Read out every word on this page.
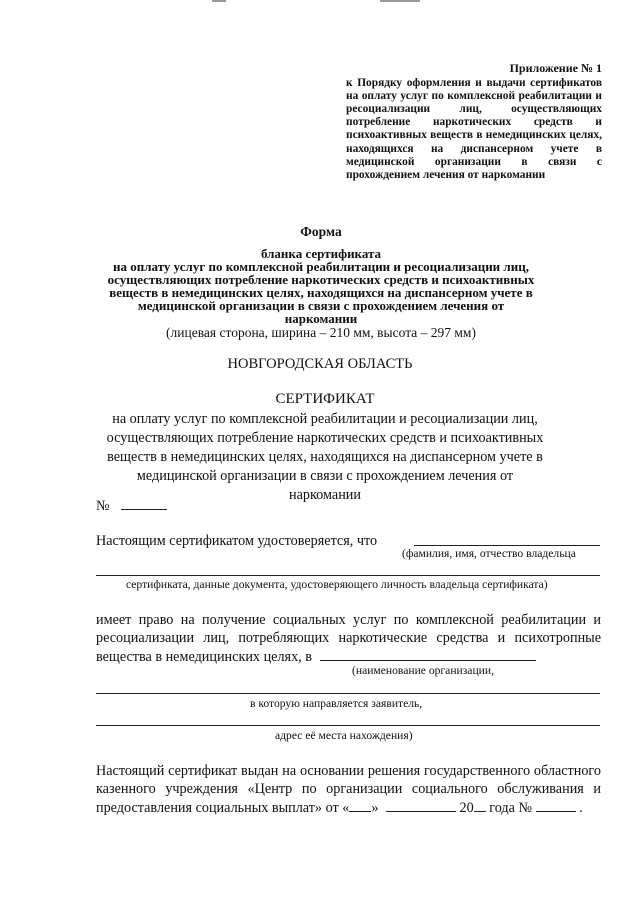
Приложение № 1
к Порядку оформления и выдачи сертификатов на оплату услуг по комплексной реабилитации и ресоциализации лиц, осуществляющих потребление наркотических средств и психоактивных веществ в немедицинских целях, находящихся на диспансерном учете в медицинской организации в связи с прохождением лечения от наркомании
Форма
бланка сертификата
на оплату услуг по комплексной реабилитации и ресоциализации лиц,
осуществляющих потребление наркотических средств и психоактивных
веществ в немедицинских целях, находящихся на диспансерном учете в
медицинской организации в связи с прохождением лечения от
наркомании
(лицевая сторона, ширина – 210 мм, высота – 297 мм)
НОВГОРОДСКАЯ ОБЛАСТЬ
СЕРТИФИКАТ
на оплату услуг по комплексной реабилитации и ресоциализации лиц,
осуществляющих потребление наркотических средств и психоактивных
веществ в немедицинских целях, находящихся на диспансерном учете в
медицинской организации в связи с прохождением лечения от наркомании
№
Настоящим сертификатом удостоверяется, что
(фамилия, имя, отчество владельца
сертификата, данные документа, удостоверяющего личность владельца сертификата)
имеет право на получение социальных услуг по комплексной реабилитации и ресоциализации лиц, потребляющих наркотические средства и психотропные вещества в немедицинских целях, в
(наименование организации,
в которую направляется заявитель,
адрес её места нахождения)
Настоящий сертификат выдан на основании решения государственного областного казенного учреждения «Центр по организации социального обслуживания и предоставления социальных выплат» от « »	20 года №	.
